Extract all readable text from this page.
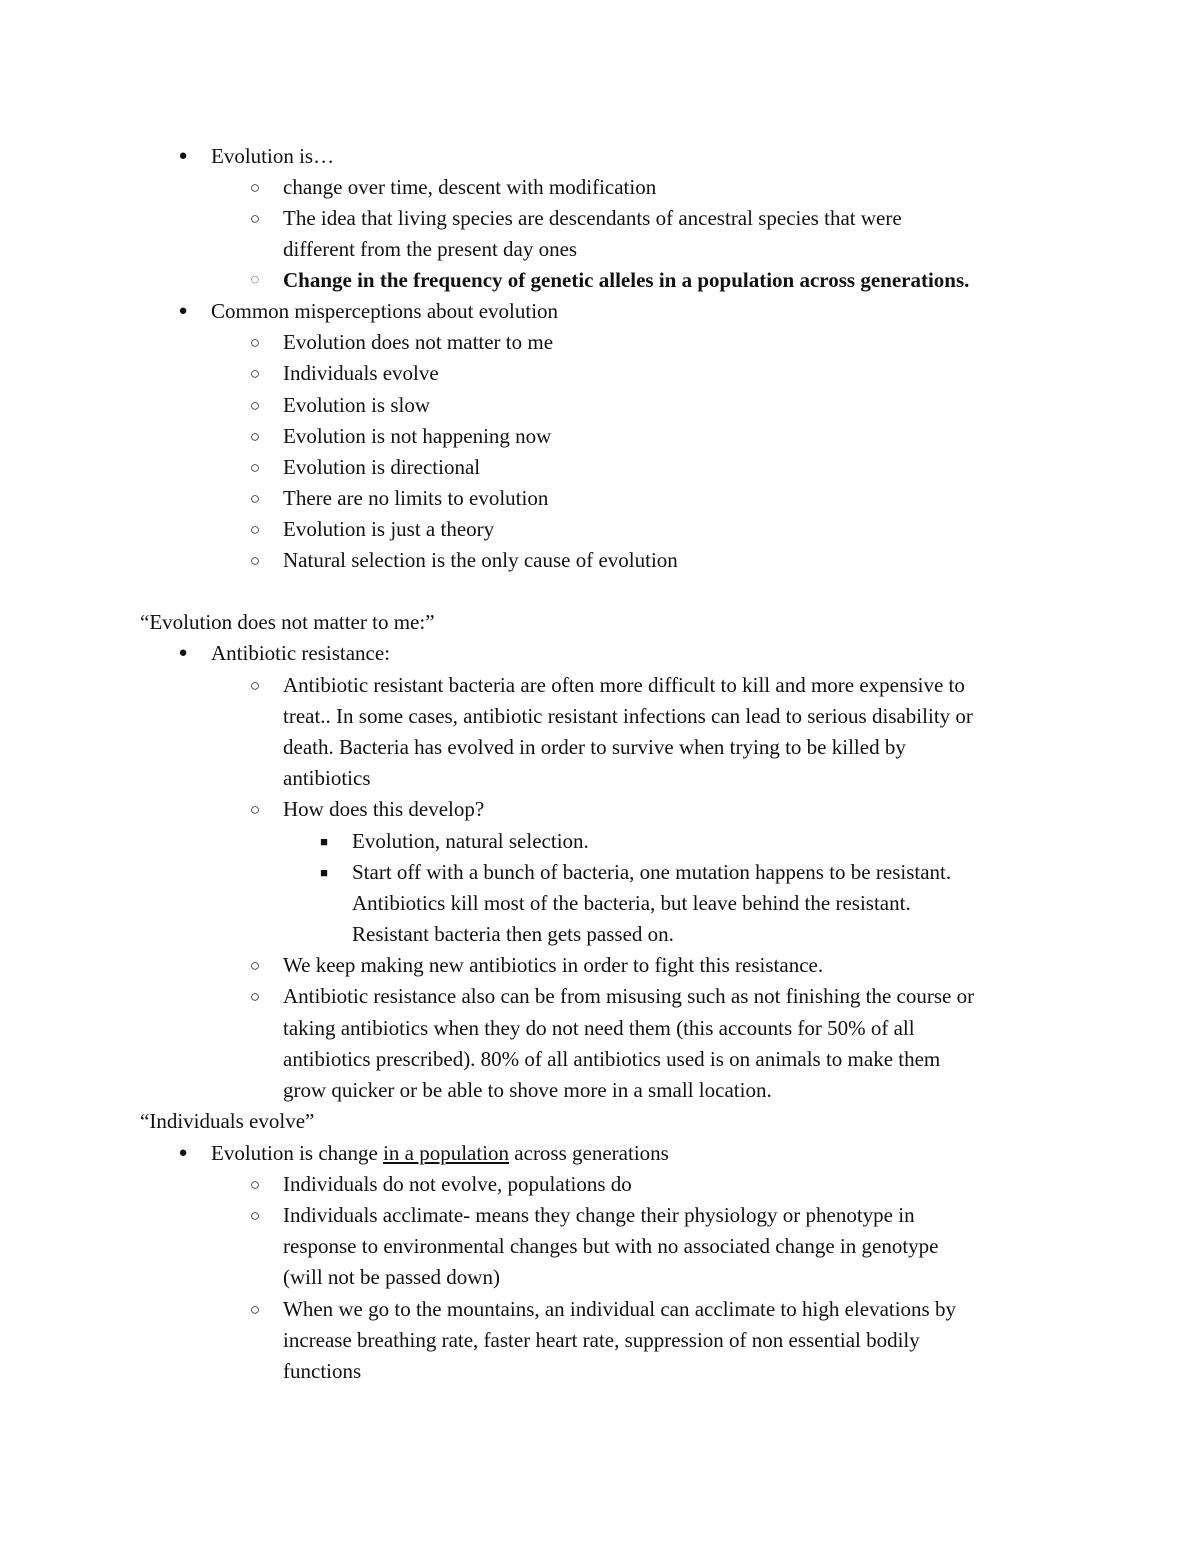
● Evolution is…
○ change over time, descent with modification
○ The idea that living species are descendants of ancestral species that were
different from the present day ones
◌ Change in the frequency of genetic alleles in a population across generations.
● Common misperceptions about evolution
○ Evolution does not matter to me
○ Individuals evolve
○ Evolution is slow
○ Evolution is not happening now
○ Evolution is directional
○ There are no limits to evolution
○ Evolution is just a theory
○ Natural selection is the only cause of evolution
“Evolution does not matter to me:”
● Antibiotic resistance:
○ Antibiotic resistant bacteria are often more difficult to kill and more expensive to
treat.. In some cases, antibiotic resistant infections can lead to serious disability or
death. Bacteria has evolved in order to survive when trying to be killed by
antibiotics
○ How does this develop?
■ Evolution, natural selection.
■ Start off with a bunch of bacteria, one mutation happens to be resistant.
Antibiotics kill most of the bacteria, but leave behind the resistant.
Resistant bacteria then gets passed on.
○ We keep making new antibiotics in order to fight this resistance.
○ Antibiotic resistance also can be from misusing such as not finishing the course or
taking antibiotics when they do not need them (this accounts for 50% of all
antibiotics prescribed). 80% of all antibiotics used is on animals to make them
grow quicker or be able to shove more in a small location.
“Individuals evolve”
● Evolution is change in a population across generations
○ Individuals do not evolve, populations do
○ Individuals acclimate- means they change their physiology or phenotype in
response to environmental changes but with no associated change in genotype
(will not be passed down)
○ When we go to the mountains, an individual can acclimate to high elevations by
increase breathing rate, faster heart rate, suppression of non essential bodily
functions
